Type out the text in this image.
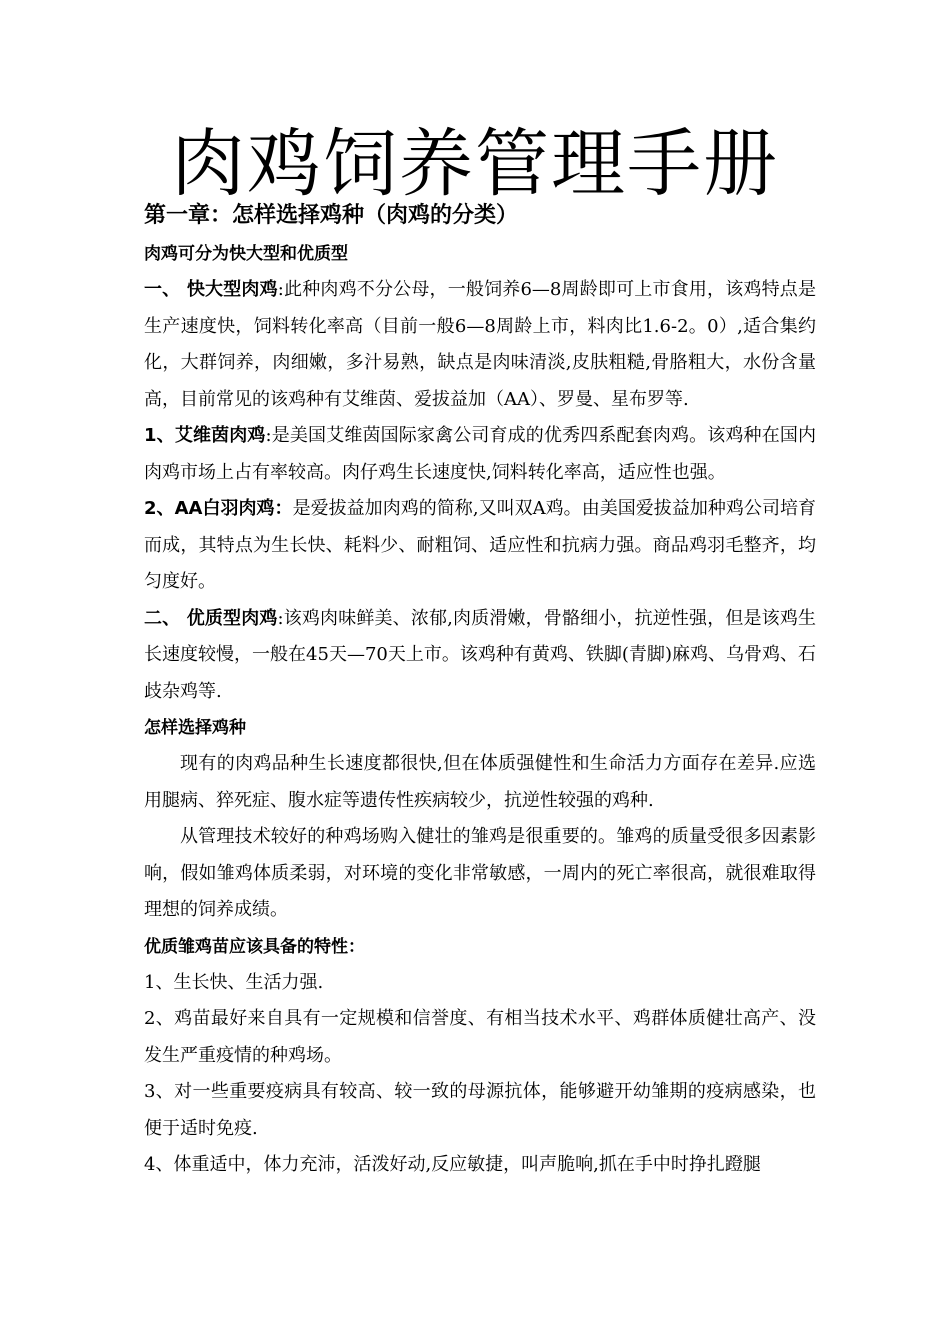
肉鸡饲养管理手册

第一章：怎样选择鸡种（肉鸡的分类）

肉鸡可分为快大型和优质型

一、 快大型肉鸡:此种肉鸡不分公母，一般饲养6—8周龄即可上市食用，该鸡特点是生产速度快，饲料转化率高（目前一般6—8周龄上市，料肉比1.6-2。0）,适合集约化，大群饲养，肉细嫩，多汁易熟，缺点是肉味清淡,皮肤粗糙,骨胳粗大，水份含量高，目前常见的该鸡种有艾维茵、爱拔益加（AA）、罗曼、星布罗等.

1、艾维茵肉鸡:是美国艾维茵国际家禽公司育成的优秀四系配套肉鸡。该鸡种在国内肉鸡市场上占有率较高。肉仔鸡生长速度快,饲料转化率高，适应性也强。

2、AA白羽肉鸡：是爱拔益加肉鸡的简称,又叫双A鸡。由美国爱拔益加种鸡公司培育而成，其特点为生长快、耗料少、耐粗饲、适应性和抗病力强。商品鸡羽毛整齐，均匀度好。

二、 优质型肉鸡:该鸡肉味鲜美、浓郁,肉质滑嫩，骨骼细小，抗逆性强，但是该鸡生长速度较慢，一般在45天—70天上市。该鸡种有黄鸡、铁脚(青脚)麻鸡、乌骨鸡、石歧杂鸡等.

怎样选择鸡种

现有的肉鸡品种生长速度都很快,但在体质强健性和生命活力方面存在差异.应选用腿病、猝死症、腹水症等遗传性疾病较少，抗逆性较强的鸡种.

从管理技术较好的种鸡场购入健壮的雏鸡是很重要的。雏鸡的质量受很多因素影响，假如雏鸡体质柔弱，对环境的变化非常敏感，一周内的死亡率很高，就很难取得理想的饲养成绩。

优质雏鸡苗应该具备的特性：

1、生长快、生活力强.

2、鸡苗最好来自具有一定规模和信誉度、有相当技术水平、鸡群体质健壮高产、没发生严重疫情的种鸡场。

3、对一些重要疫病具有较高、较一致的母源抗体，能够避开幼雏期的疫病感染，也便于适时免疫.

4、体重适中，体力充沛，活泼好动,反应敏捷，叫声脆响,抓在手中时挣扎蹬腿
